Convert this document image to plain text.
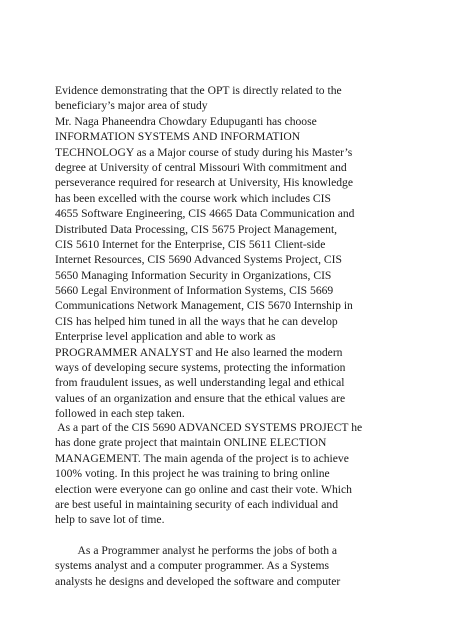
Evidence demonstrating that the OPT is directly related to the
beneficiary’s major area of study
Mr. Naga Phaneendra Chowdary Edupuganti has choose
INFORMATION SYSTEMS AND INFORMATION
TECHNOLOGY as a Major course of study during his Master’s
degree at University of central Missouri With commitment and
perseverance required for research at University, His knowledge
has been excelled with the course work which includes CIS
4655 Software Engineering, CIS 4665 Data Communication and
Distributed Data Processing, CIS 5675 Project Management,
CIS 5610 Internet for the Enterprise, CIS 5611 Client-side
Internet Resources, CIS 5690 Advanced Systems Project, CIS
5650 Managing Information Security in Organizations, CIS
5660 Legal Environment of Information Systems, CIS 5669
Communications Network Management, CIS 5670 Internship in
CIS has helped him tuned in all the ways that he can develop
Enterprise level application and able to work as
PROGRAMMER ANALYST and He also learned the modern
ways of developing secure systems, protecting the information
from fraudulent issues, as well understanding legal and ethical
values of an organization and ensure that the ethical values are
followed in each step taken.
As a part of the CIS 5690 ADVANCED SYSTEMS PROJECT he
has done grate project that maintain ONLINE ELECTION
MANAGEMENT. The main agenda of the project is to achieve
100% voting. In this project he was training to bring online
election were everyone can go online and cast their vote. Which
are best useful in maintaining security of each individual and
help to save lot of time.
As a Programmer analyst he performs the jobs of both a
systems analyst and a computer programmer. As a Systems
analysts he designs and developed the software and computer
